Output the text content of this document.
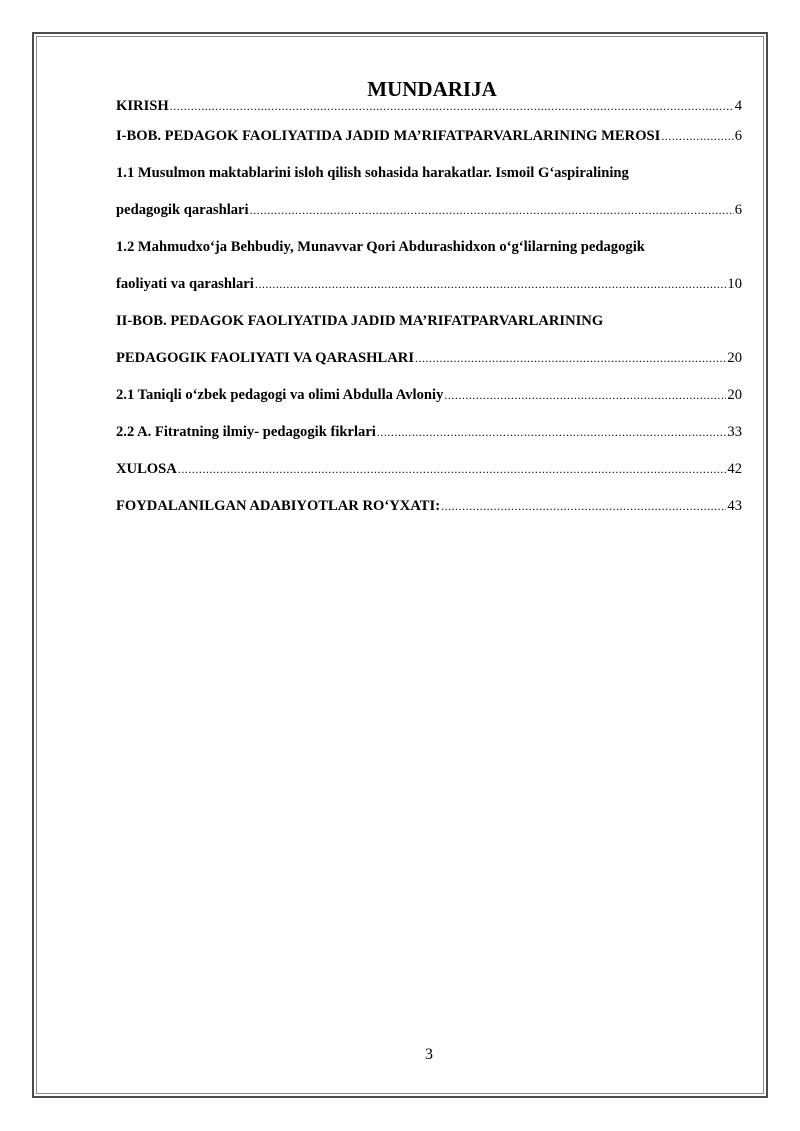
MUNDARIJA
KIRISH .....	4
I-BOB. PEDAGOK FAOLIYATIDA JADID MA’RIFATPARVARLARINING MEROSI .....	6
1.1 Musulmon maktablarini isloh qilish sohasida harakatlar. Ismoil G‘aspiralining
pedagogik qarashlari .....	6
1.2 Mahmudxo‘ja Behbudiy, Munavvar Qori Abdurashidxon o‘g‘lilarning pedagogik
faoliyati va qarashlari .....	10
II-BOB. PEDAGOK FAOLIYATIDA JADID MA’RIFATPARVARLARINING
PEDAGOGIK FAOLIYATI VA QARASHLARI .....	20
2.1 Taniqli o‘zbek pedagogi va olimi Abdulla Avloniy .....	20
2.2 A. Fitratning ilmiy- pedagogik fikrlari .....	33
XULOSA .....	42
FOYDALANILGAN ADABIYOTLAR RO‘YXATI: .....	43
3
